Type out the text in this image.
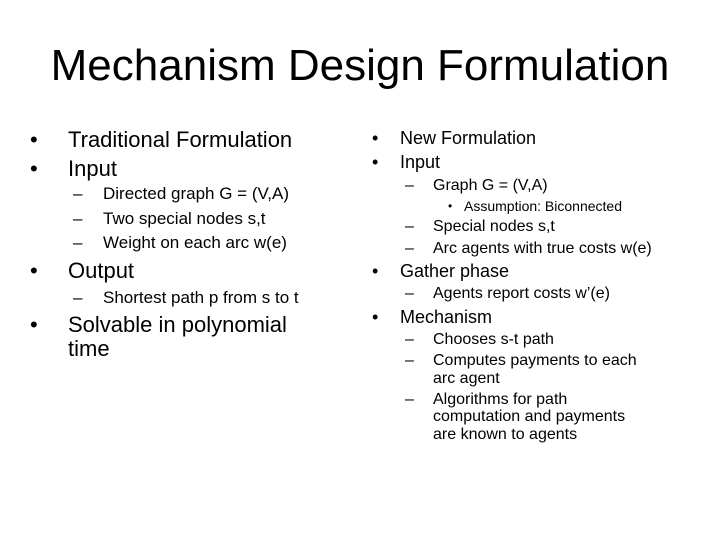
Mechanism Design Formulation
• Traditional Formulation
• Input
– Directed graph G = (V,A)
– Two special nodes s,t
– Weight on each arc w(e)
• Output
– Shortest path p from s to t
• Solvable in polynomial
time
• New Formulation
• Input
– Graph G = (V,A)
• Assumption: Biconnected
– Special nodes s,t
– Arc agents with true costs w(e)
• Gather phase
– Agents report costs w’(e)
• Mechanism
– Chooses s-t path
– Computes payments to each
arc agent
– Algorithms for path
computation and payments
are known to agents
